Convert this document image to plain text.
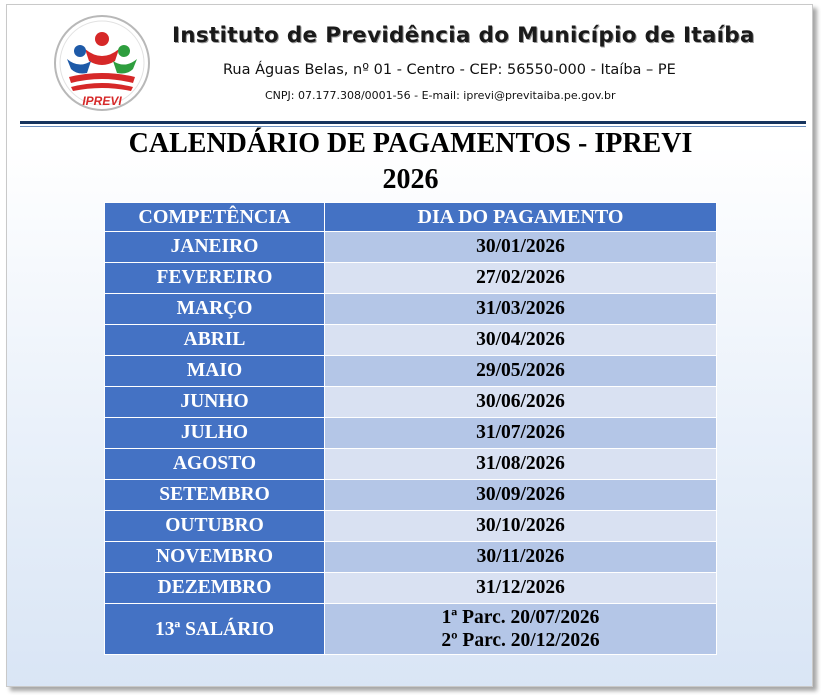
IPREVI
Instituto de Previdência do Município de Itaíba
Rua Águas Belas, nº 01 - Centro - CEP: 56550-000 - Itaíba – PE
CNPJ: 07.177.308/0001-56 - E-mail: iprevi@previtaiba.pe.gov.br
CALENDÁRIO DE PAGAMENTOS - IPREVI
2026
COMPETÊNCIA	DIA DO PAGAMENTO
JANEIRO	30/01/2026
FEVEREIRO	27/02/2026
MARÇO	31/03/2026
ABRIL	30/04/2026
MAIO	29/05/2026
JUNHO	30/06/2026
JULHO	31/07/2026
AGOSTO	31/08/2026
SETEMBRO	30/09/2026
OUTUBRO	30/10/2026
NOVEMBRO	30/11/2026
DEZEMBRO	31/12/2026
13ª SALÁRIO	1ª Parc. 20/07/2026
2º Parc. 20/12/2026
